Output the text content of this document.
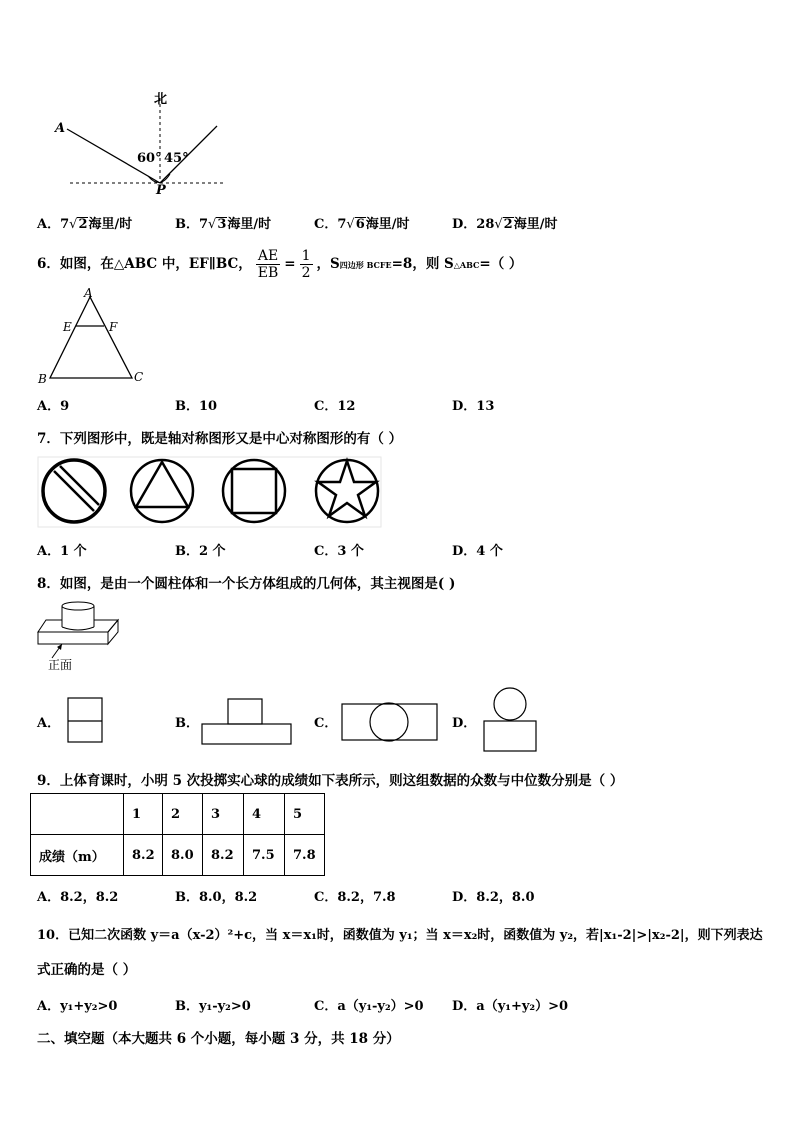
北
A
60° 45°
P
A．7√2海里/时	B．7√3海里/时	C．7√6海里/时	D．28√2海里/时
6．如图，在△ABC 中，EF∥BC， $\frac{AE}{EB} = \frac{1}{2}$ ，S四边形 BCFE=8，则 S△ABC=（ ）
A
E	F
B	C
A．9	B．10	C．12	D．13
7．下列图形中，既是轴对称图形又是中心对称图形的有（ ）
A．1 个	B．2 个	C．3 个	D．4 个
8．如图，是由一个圆柱体和一个长方体组成的几何体，其主视图是( )
正面
A．	B．	C．	D．
9．上体育课时，小明 5 次投掷实心球的成绩如下表所示，则这组数据的众数与中位数分别是（ ）
	1	2	3	4	5
成绩（m）	8.2	8.0	8.2	7.5	7.8
A．8.2，8.2	B．8.0，8.2	C．8.2，7.8	D．8.2，8.0
10．已知二次函数 y＝a（x-2）²+c，当 x＝x₁时，函数值为 y₁；当 x＝x₂时，函数值为 y₂，若|x₁-2|>|x₂-2|，则下列表达
式正确的是（ ）
A．y₁+y₂>0	B．y₁-y₂>0	C．a（y₁-y₂）>0 D．a（y₁+y₂）>0
二、填空题（本大题共 6 个小题，每小题 3 分，共 18 分）
